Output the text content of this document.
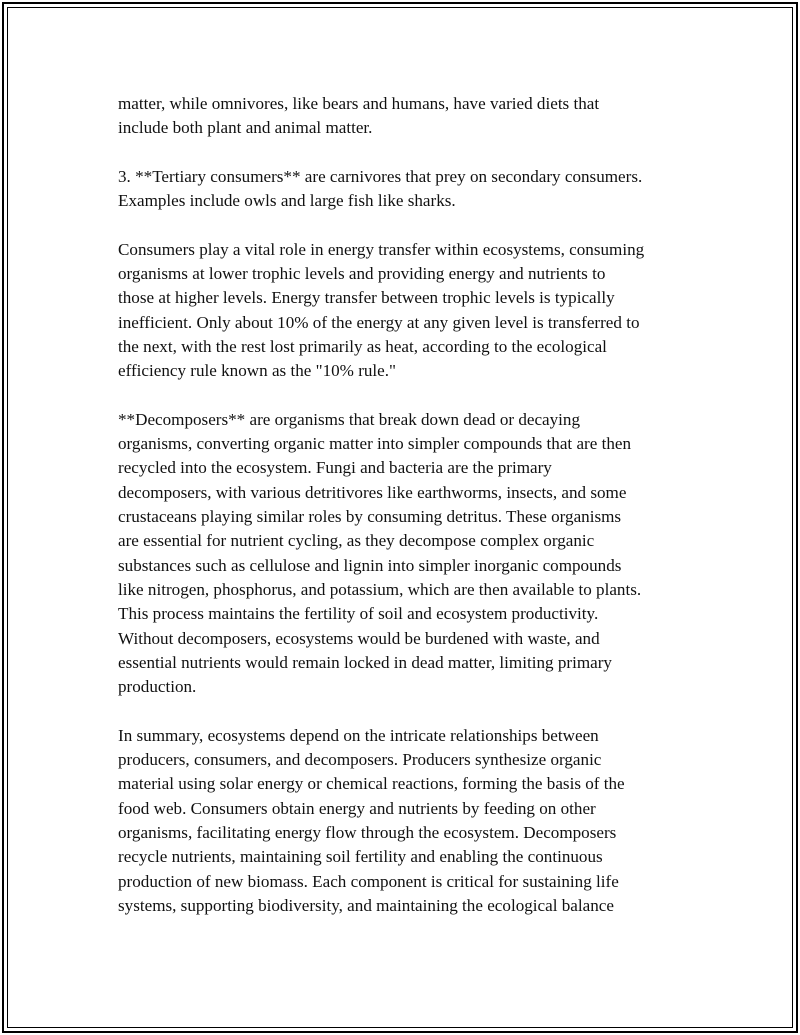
matter, while omnivores, like bears and humans, have varied diets that
include both plant and animal matter.

3. **Tertiary consumers** are carnivores that prey on secondary consumers.
Examples include owls and large fish like sharks.

Consumers play a vital role in energy transfer within ecosystems, consuming
organisms at lower trophic levels and providing energy and nutrients to
those at higher levels. Energy transfer between trophic levels is typically
inefficient. Only about 10% of the energy at any given level is transferred to
the next, with the rest lost primarily as heat, according to the ecological
efficiency rule known as the "10% rule."

**Decomposers** are organisms that break down dead or decaying
organisms, converting organic matter into simpler compounds that are then
recycled into the ecosystem. Fungi and bacteria are the primary
decomposers, with various detritivores like earthworms, insects, and some
crustaceans playing similar roles by consuming detritus. These organisms
are essential for nutrient cycling, as they decompose complex organic
substances such as cellulose and lignin into simpler inorganic compounds
like nitrogen, phosphorus, and potassium, which are then available to plants.
This process maintains the fertility of soil and ecosystem productivity.
Without decomposers, ecosystems would be burdened with waste, and
essential nutrients would remain locked in dead matter, limiting primary
production.

In summary, ecosystems depend on the intricate relationships between
producers, consumers, and decomposers. Producers synthesize organic
material using solar energy or chemical reactions, forming the basis of the
food web. Consumers obtain energy and nutrients by feeding on other
organisms, facilitating energy flow through the ecosystem. Decomposers
recycle nutrients, maintaining soil fertility and enabling the continuous
production of new biomass. Each component is critical for sustaining life
systems, supporting biodiversity, and maintaining the ecological balance
